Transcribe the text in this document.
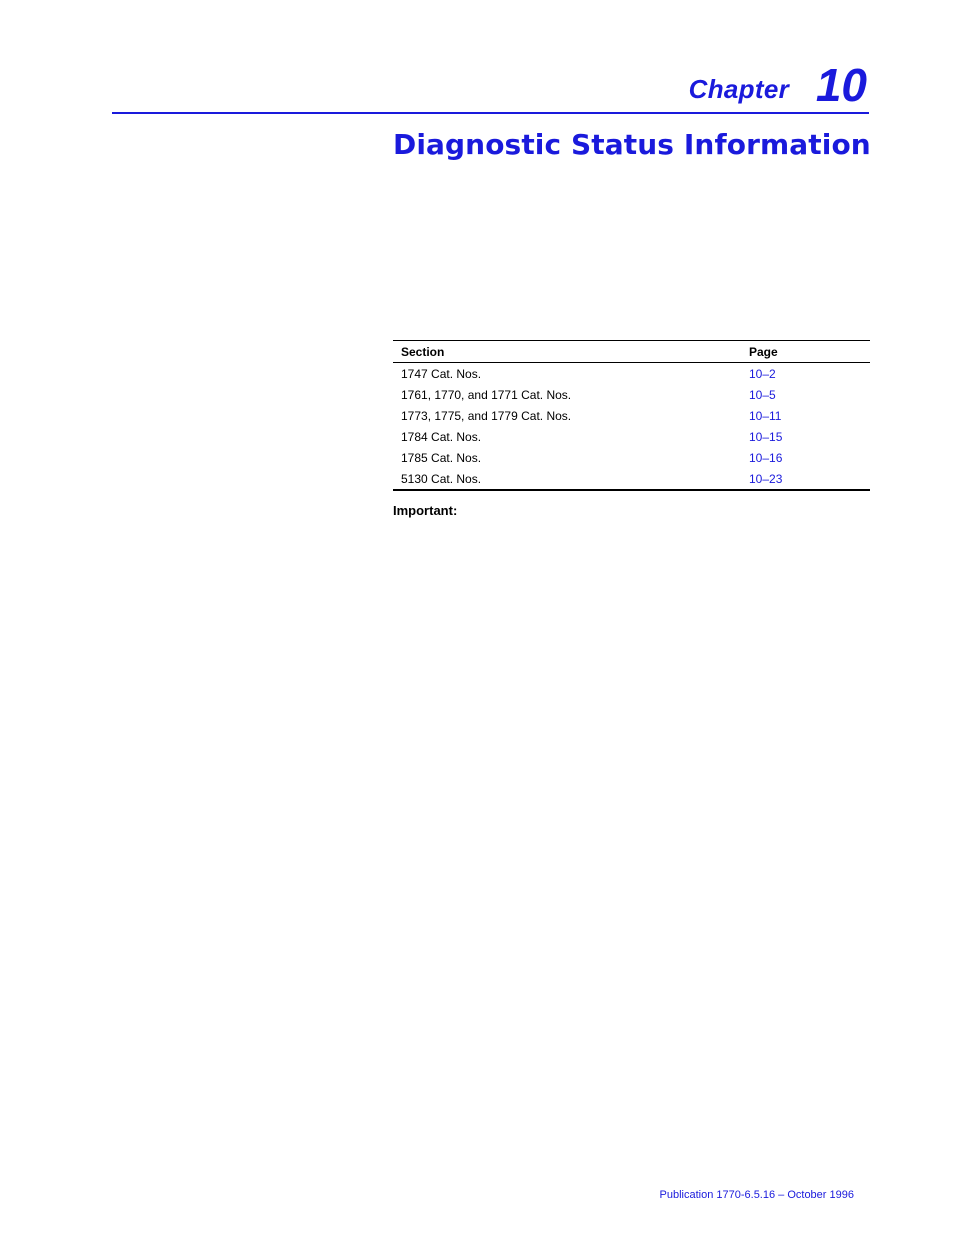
Chapter 10
Diagnostic Status Information
Section	Page
1747 Cat. Nos.	10–2
1761, 1770, and 1771 Cat. Nos.	10–5
1773, 1775, and 1779 Cat. Nos.	10–11
1784 Cat. Nos.	10–15
1785 Cat. Nos.	10–16
5130 Cat. Nos.	10–23
Important:
Publication 1770-6.5.16 – October 1996
